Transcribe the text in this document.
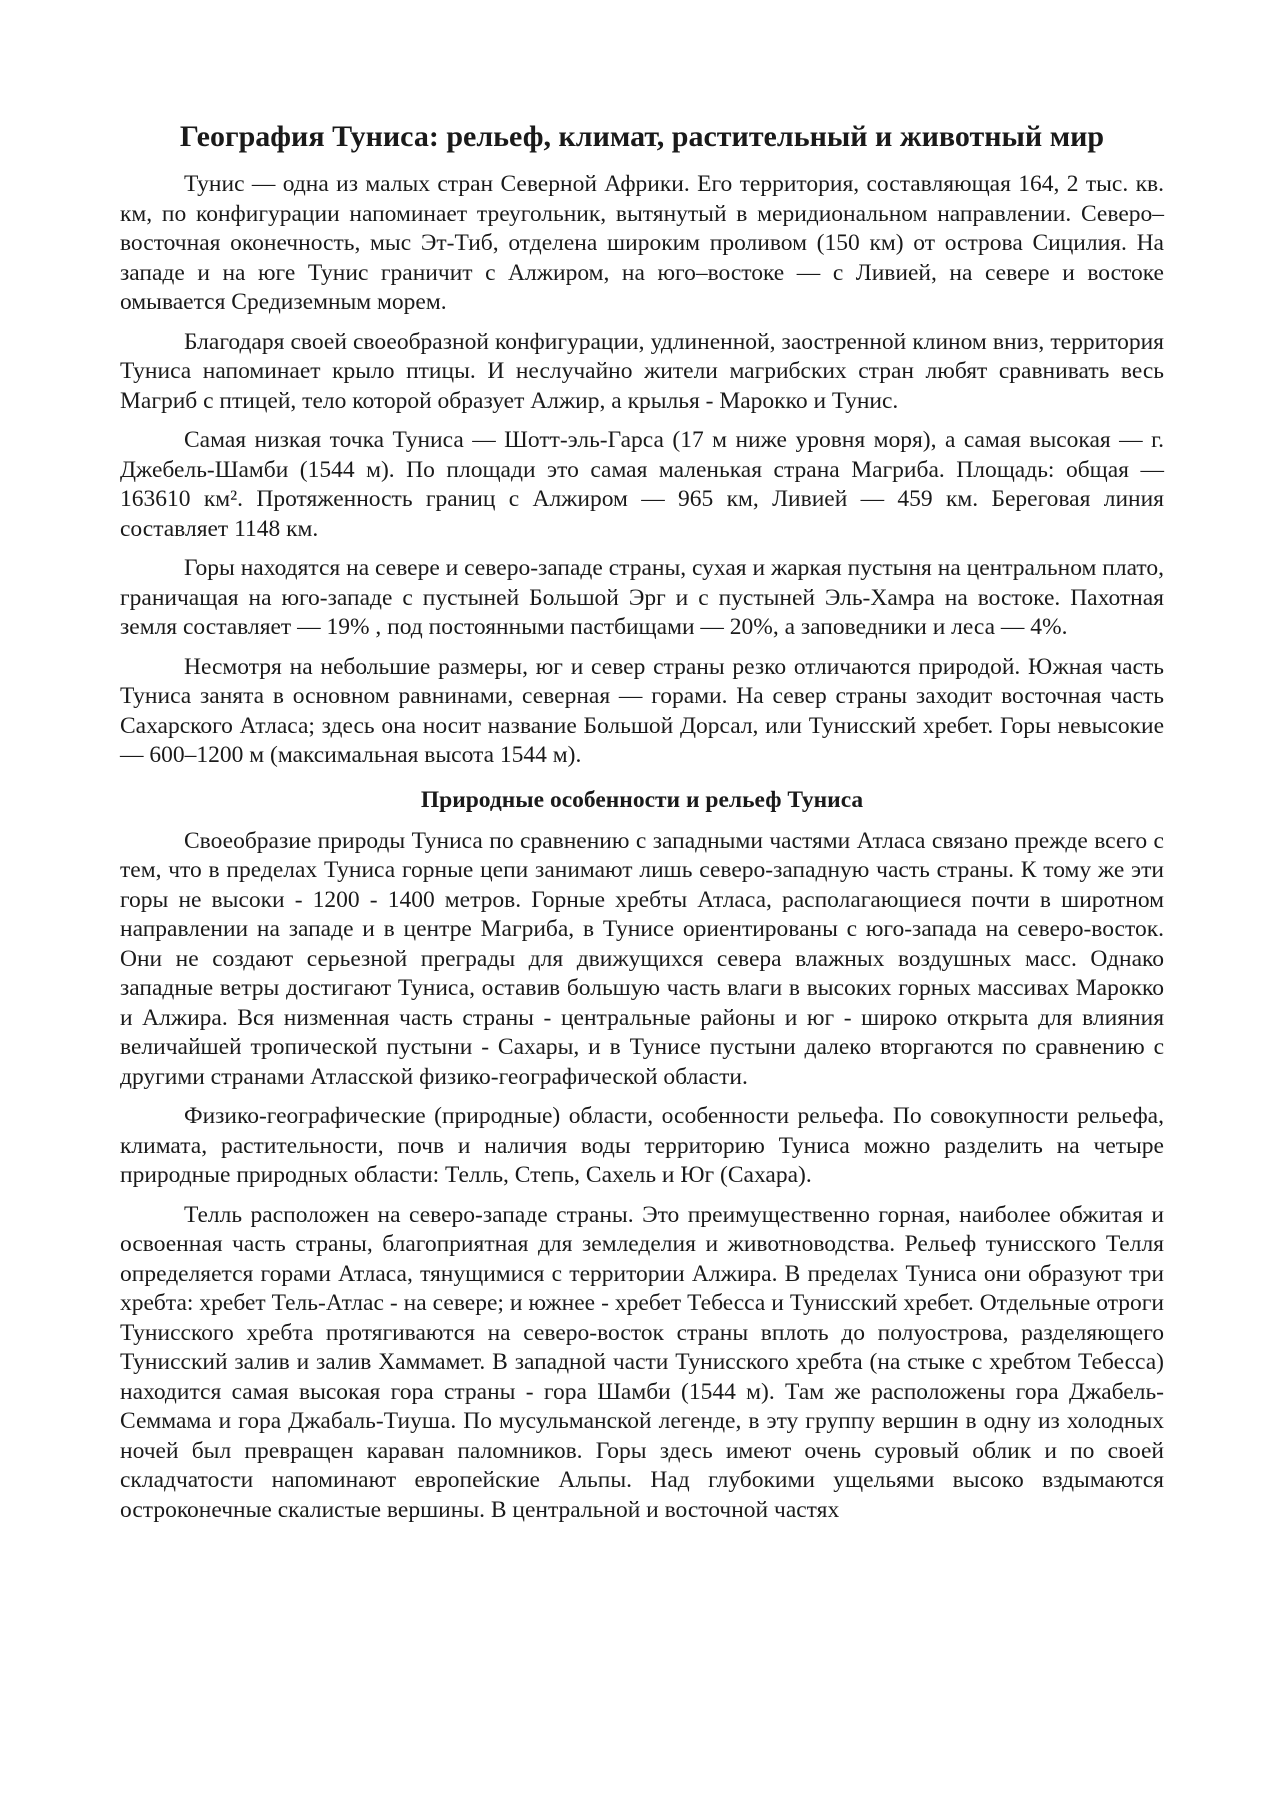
География Туниса: рельеф, климат, растительный и животный мир

Тунис — одна из малых стран Северной Африки. Его территория, составляющая 164, 2 тыс. кв. км, по конфигурации напоминает треугольник, вытянутый в меридиональном направлении. Северо–восточная оконечность, мыс Эт-Тиб, отделена широким проливом (150 км) от острова Сицилия. На западе и на юге Тунис граничит с Алжиром, на юго–востоке — с Ливией, на севере и востоке омывается Средиземным морем.

Благодаря своей своеобразной конфигурации, удлиненной, заостренной клином вниз, территория Туниса напоминает крыло птицы. И неслучайно жители магрибских стран любят сравнивать весь Магриб с птицей, тело которой образует Алжир, а крылья - Марокко и Тунис.

Самая низкая точка Туниса — Шотт-эль-Гарса (17 м ниже уровня моря), а самая высокая — г. Джебель-Шамби (1544 м). По площади это самая маленькая страна Магриба. Площадь: общая — 163610 км². Протяженность границ с Алжиром — 965 км, Ливией — 459 км. Береговая линия составляет 1148 км.

Горы находятся на севере и северо-западе страны, сухая и жаркая пустыня на центральном плато, граничащая на юго-западе с пустыней Большой Эрг и с пустыней Эль-Хамра на востоке. Пахотная земля составляет — 19% , под постоянными пастбищами — 20%, а заповедники и леса — 4%.

Несмотря на небольшие размеры, юг и север страны резко отличаются природой. Южная часть Туниса занята в основном равнинами, северная — горами. На север страны заходит восточная часть Сахарского Атласа; здесь она носит название Большой Дорсал, или Тунисский хребет. Горы невысокие — 600–1200 м (максимальная высота 1544 м).

Природные особенности и рельеф Туниса

Своеобразие природы Туниса по сравнению с западными частями Атласа связано прежде всего с тем, что в пределах Туниса горные цепи занимают лишь северо-западную часть страны. К тому же эти горы не высоки - 1200 - 1400 метров. Горные хребты Атласа, располагающиеся почти в широтном направлении на западе и в центре Магриба, в Тунисе ориентированы с юго-запада на северо-восток. Они не создают серьезной преграды для движущихся севера влажных воздушных масс. Однако западные ветры достигают Туниса, оставив большую часть влаги в высоких горных массивах Марокко и Алжира. Вся низменная часть страны - центральные районы и юг - широко открыта для влияния величайшей тропической пустыни - Сахары, и в Тунисе пустыни далеко вторгаются по сравнению с другими странами Атласской физико-географической области.

Физико-географические (природные) области, особенности рельефа. По совокупности рельефа, климата, растительности, почв и наличия воды территорию Туниса можно разделить на четыре природные природных области: Телль, Степь, Сахель и Юг (Сахара).

Телль расположен на северо-западе страны. Это преимущественно горная, наиболее обжитая и освоенная часть страны, благоприятная для земледелия и животноводства. Рельеф тунисского Телля определяется горами Атласа, тянущимися с территории Алжира. В пределах Туниса они образуют три хребта: хребет Тель-Атлас - на севере; и южнее - хребет Тебесса и Тунисский хребет. Отдельные отроги Тунисского хребта протягиваются на северо-восток страны вплоть до полуострова, разделяющего Тунисский залив и залив Хаммамет. В западной части Тунисского хребта (на стыке с хребтом Тебесса) находится самая высокая гора страны - гора Шамби (1544 м). Там же расположены гора Джабель-Семмама и гора Джабаль-Тиуша. По мусульманской легенде, в эту группу вершин в одну из холодных ночей был превращен караван паломников. Горы здесь имеют очень суровый облик и по своей складчатости напоминают европейские Альпы. Над глубокими ущельями высоко вздымаются остроконечные скалистые вершины. В центральной и восточной частях
